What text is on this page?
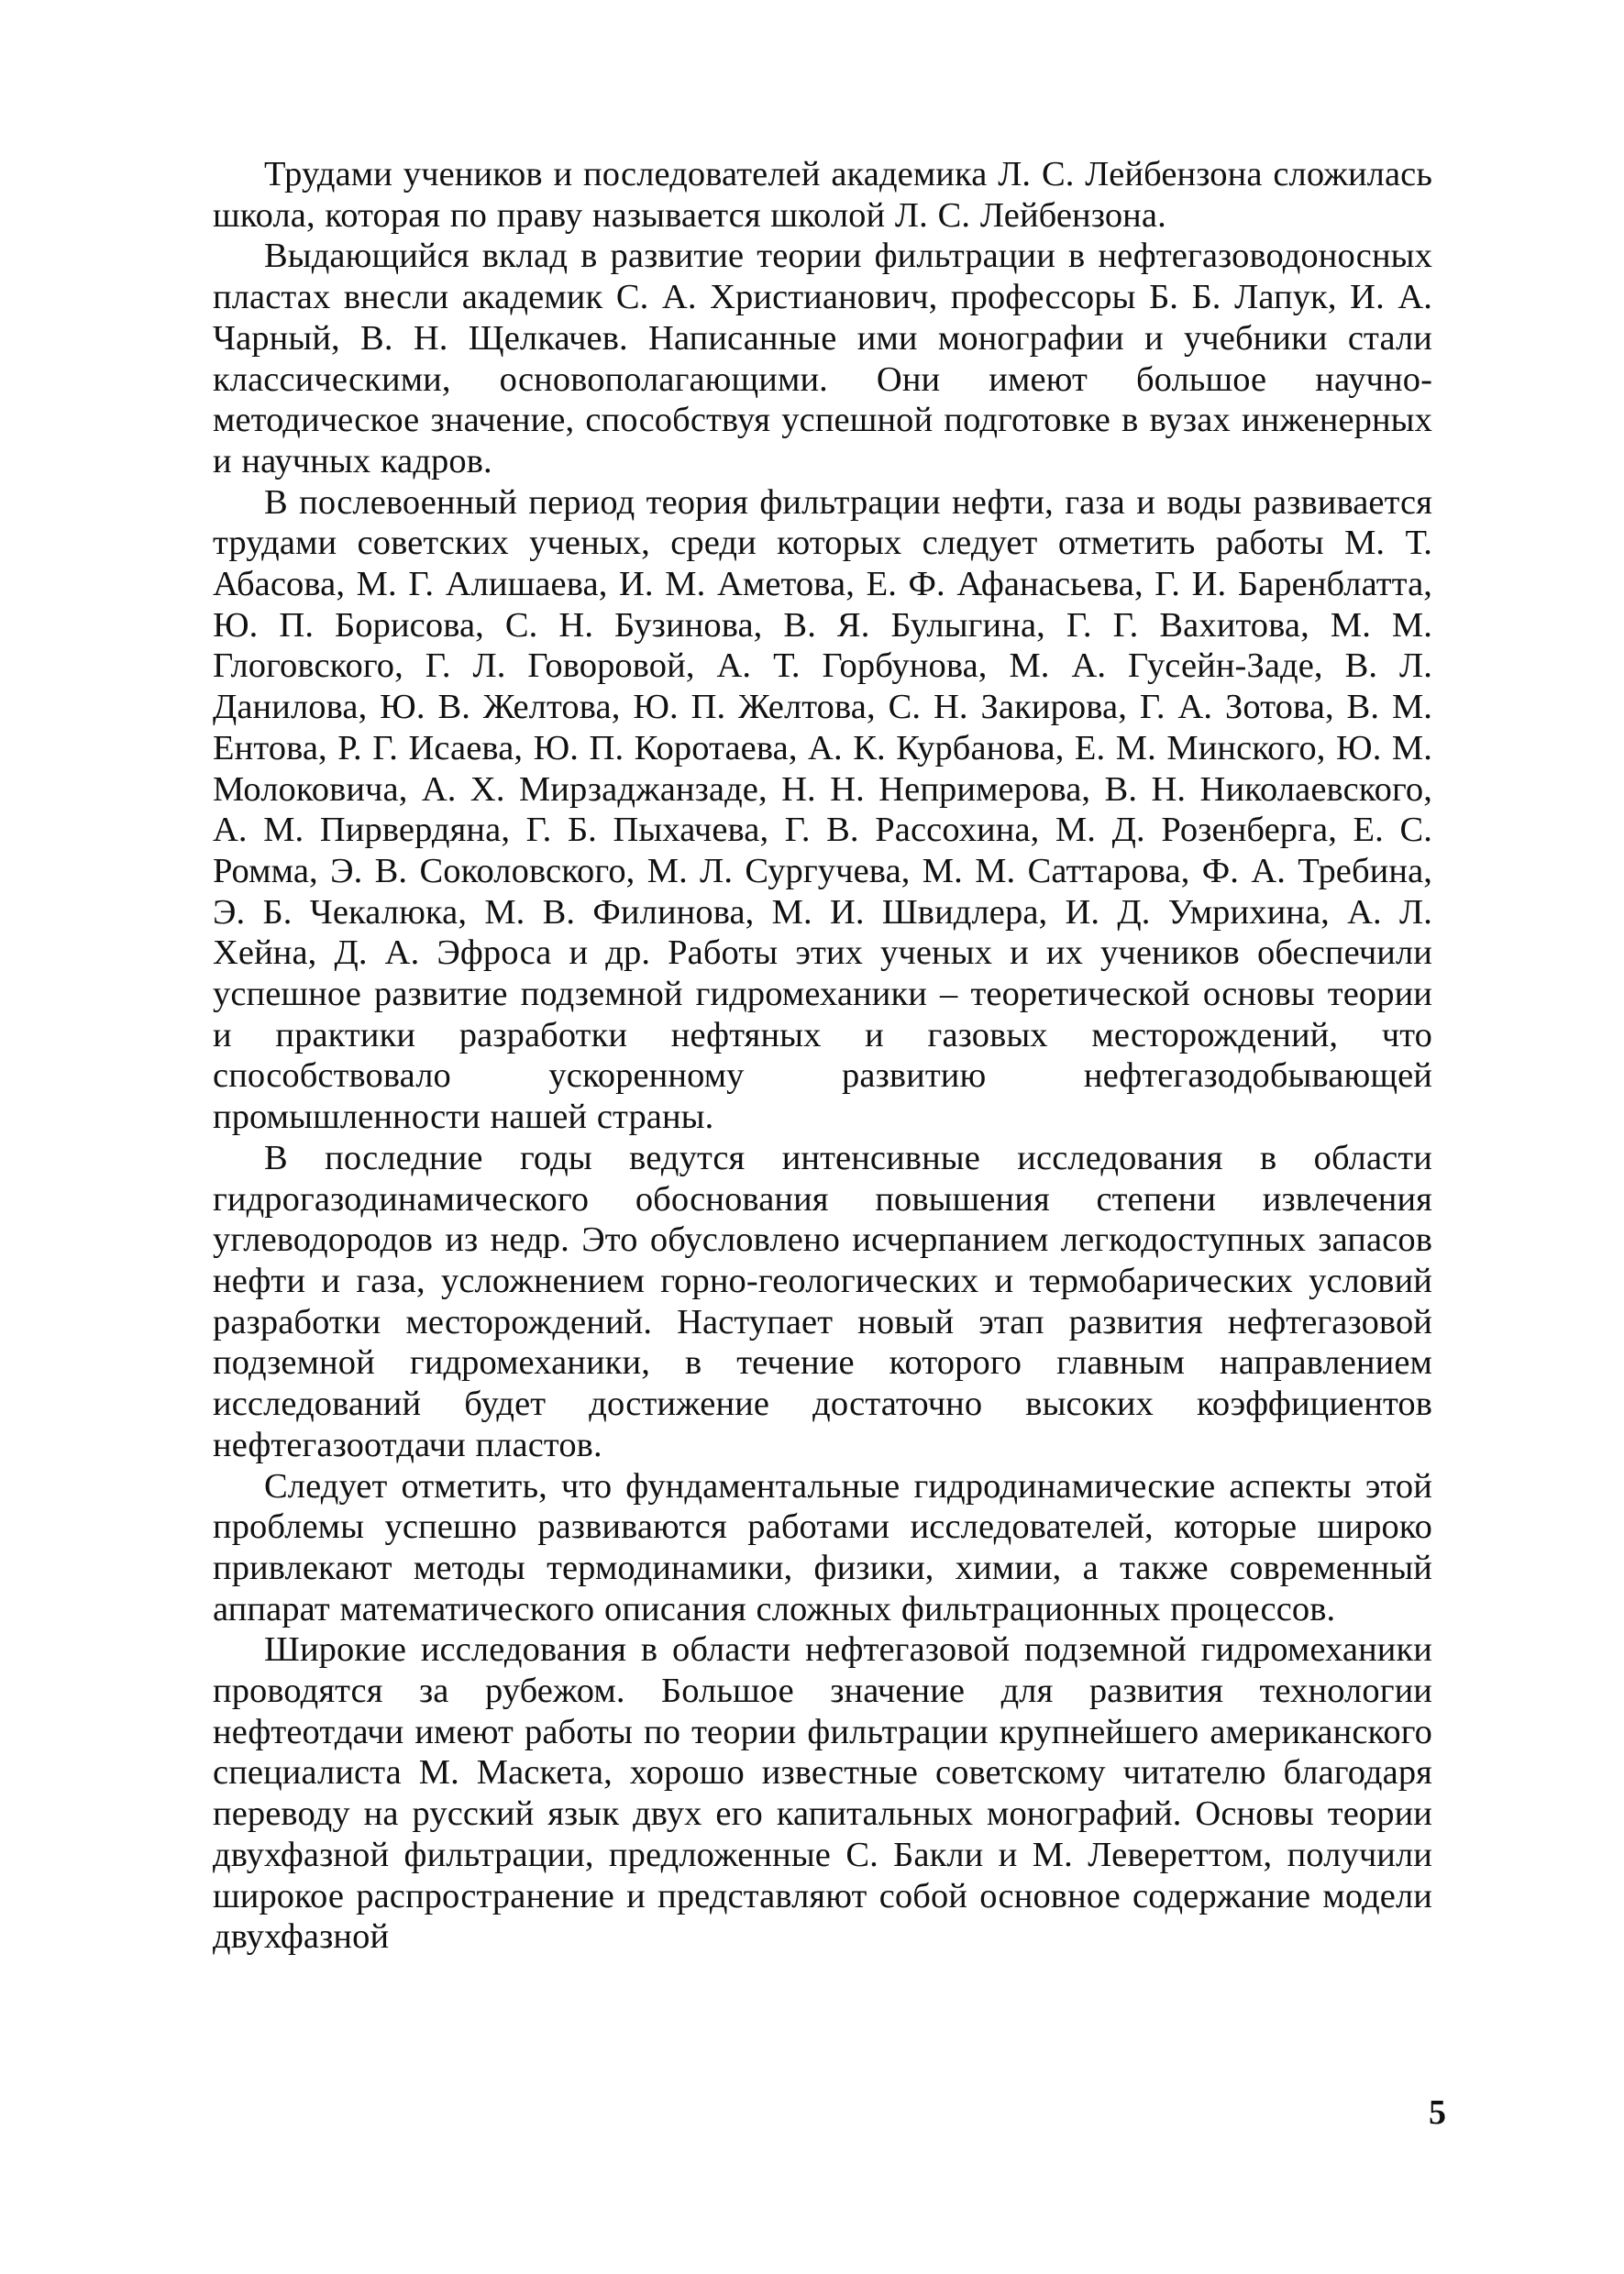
Трудами учеников и последователей академика Л. С. Лейбензона сложилась школа, которая по праву называется школой Л. С. Лейбензона.

Выдающийся вклад в развитие теории фильтрации в нефтегазоводоносных пластах внесли академик С. А. Христианович, профессоры Б. Б. Лапук, И. А. Чарный, В. Н. Щелкачев. Написанные ими монографии и учебники стали классическими, основополагающими. Они имеют большое научно-методическое значение, способствуя успешной подготовке в вузах инженерных и научных кадров.

В послевоенный период теория фильтрации нефти, газа и воды развивается трудами советских ученых, среди которых следует отметить работы М. Т. Абасова, М. Г. Алишаева, И. М. Аметова, Е. Ф. Афанасьева, Г. И. Баренблатта, Ю. П. Борисова, С. Н. Бузинова, В. Я. Булыгина, Г. Г. Вахитова, М. М. Глоговского, Г. Л. Говоровой, А. Т. Горбунова, М. А. Гусейн-Заде, В. Л. Данилова, Ю. В. Желтова, Ю. П. Желтова, С. Н. Закирова, Г. А. Зотова, В. М. Ентова, Р. Г. Исаева, Ю. П. Коротаева, А. К. Курбанова, Е. М. Минского, Ю. М. Молоковича, А. Х. Мирзаджанзаде, Н. Н. Непримерова, В. Н. Николаевского, А. М. Пирвердяна, Г. Б. Пыхачева, Г. В. Рассохина, М. Д. Розенберга, Е. С. Ромма, Э. В. Соколовского, М. Л. Сургучева, М. М. Саттарова, Ф. А. Требина, Э. Б. Чекалюка, М. В. Филинова, М. И. Швидлера, И. Д. Умрихина, А. Л. Хейна, Д. А. Эфроса и др. Работы этих ученых и их учеников обеспечили успешное развитие подземной гидромеханики – теоретической основы теории и практики разработки нефтяных и газовых месторождений, что способствовало ускоренному развитию нефтегазодобывающей промышленности нашей страны.

В последние годы ведутся интенсивные исследования в области гидрогазодинамического обоснования повышения степени извлечения углеводородов из недр. Это обусловлено исчерпанием легкодоступных запасов нефти и газа, усложнением горно-геологических и термобарических условий разработки месторождений. Наступает новый этап развития нефтегазовой подземной гидромеханики, в течение которого главным направлением исследований будет достижение достаточно высоких коэффициентов нефтегазоотдачи пластов.

Следует отметить, что фундаментальные гидродинамические аспекты этой проблемы успешно развиваются работами исследователей, которые широко привлекают методы термодинамики, физики, химии, а также современный аппарат математического описания сложных фильтрационных процессов.

Широкие исследования в области нефтегазовой подземной гидромеханики проводятся за рубежом. Большое значение для развития технологии нефтеотдачи имеют работы по теории фильтрации крупнейшего американского специалиста М. Маскета, хорошо известные советскому читателю благодаря переводу на русский язык двух его капитальных монографий. Основы теории двухфазной фильтрации, предложенные С. Бакли и М. Левереттом, получили широкое распространение и представляют собой основное содержание модели двухфазной

5
